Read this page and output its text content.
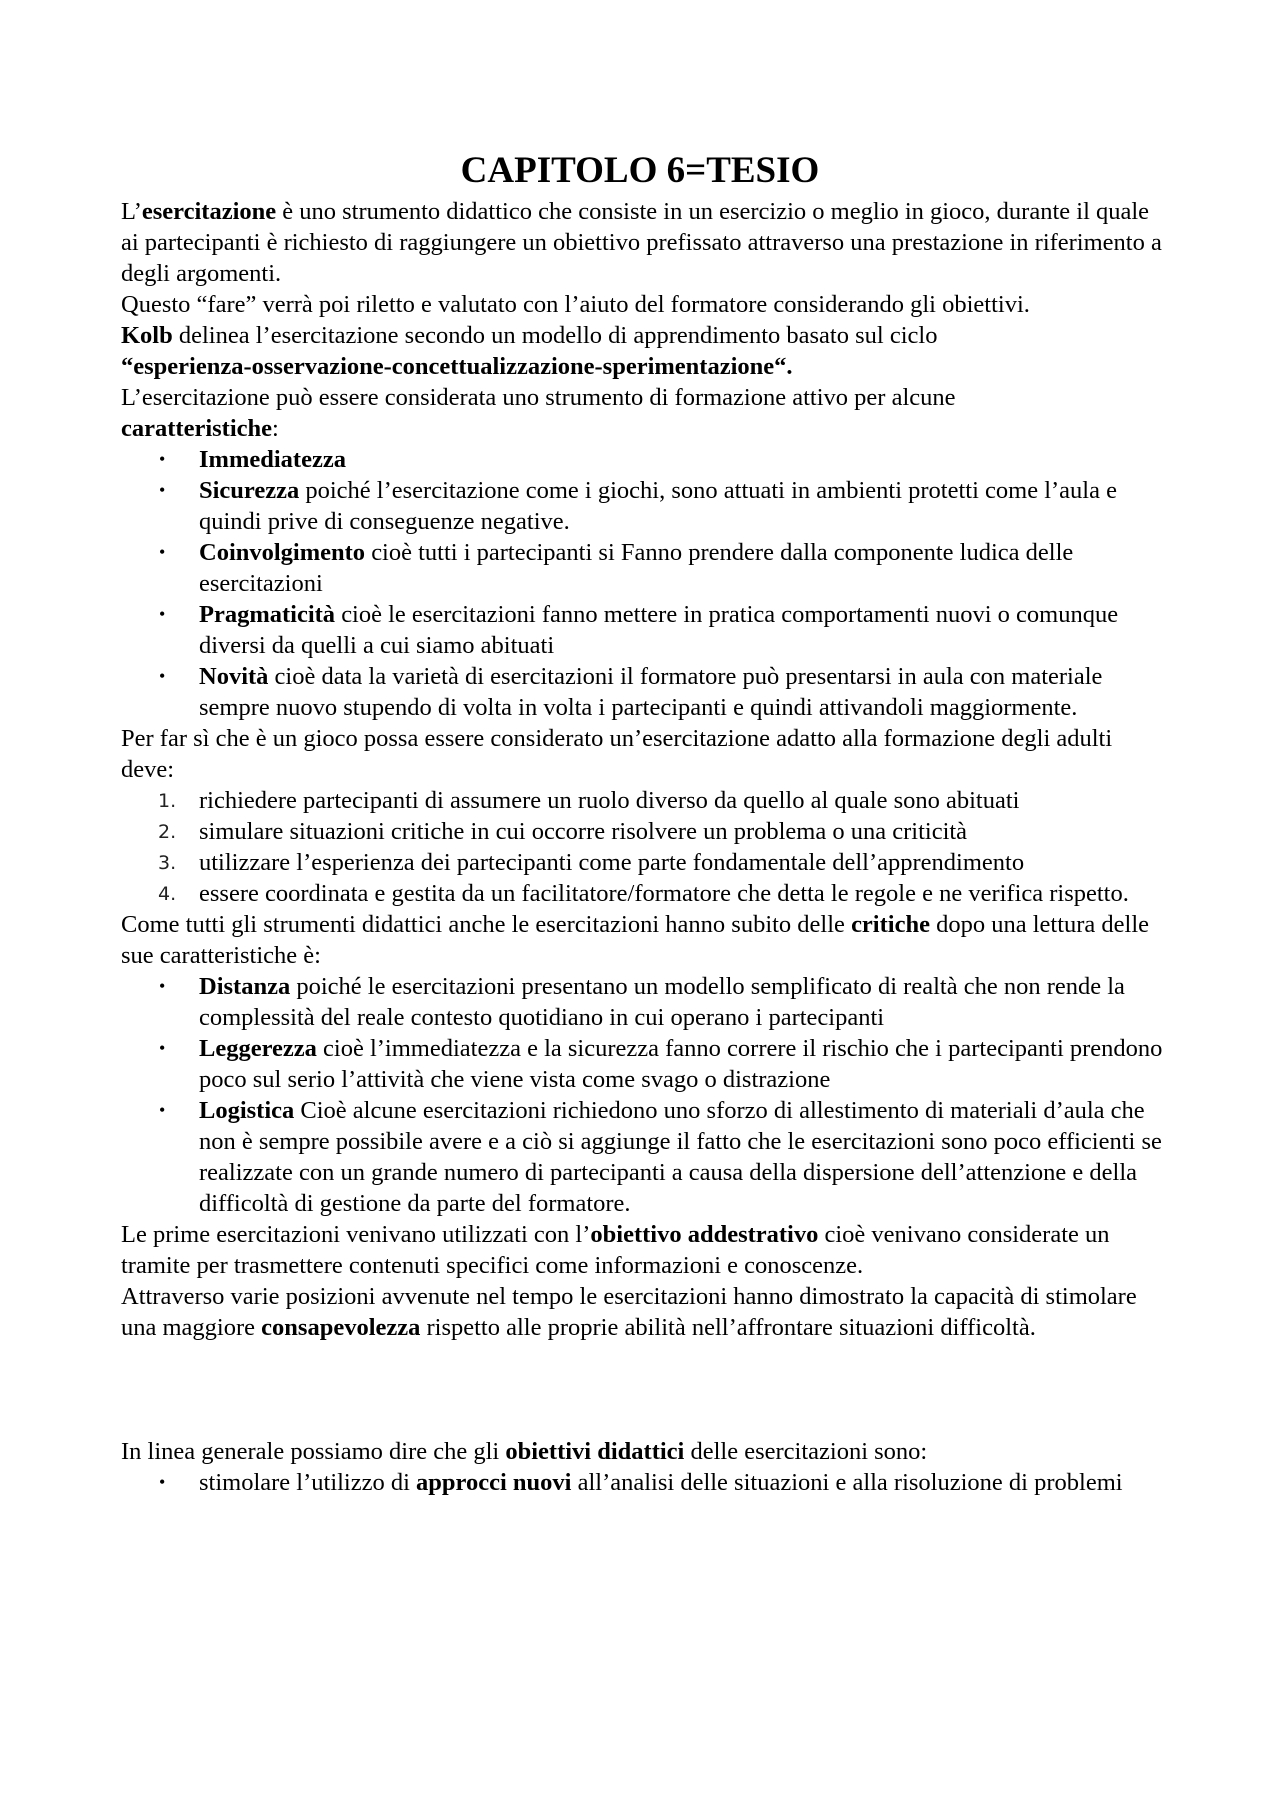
CAPITOLO 6=TESIO

L’esercitazione è uno strumento didattico che consiste in un esercizio o meglio in gioco, durante il quale ai partecipanti è richiesto di raggiungere un obiettivo prefissato attraverso una prestazione in riferimento a degli argomenti.

Questo “fare” verrà poi riletto e valutato con l’aiuto del formatore considerando gli obiettivi.

Kolb delinea l’esercitazione secondo un modello di apprendimento basato sul ciclo
“esperienza-osservazione-concettualizzazione-sperimentazione“.

L’esercitazione può essere considerata uno strumento di formazione attivo per alcune
caratteristiche:

• Immediatezza
• Sicurezza poiché l’esercitazione come i giochi, sono attuati in ambienti protetti come l’aula e quindi prive di conseguenze negative.
• Coinvolgimento cioè tutti i partecipanti si Fanno prendere dalla componente ludica delle esercitazioni
• Pragmaticità cioè le esercitazioni fanno mettere in pratica comportamenti nuovi o comunque diversi da quelli a cui siamo abituati
• Novità cioè data la varietà di esercitazioni il formatore può presentarsi in aula con materiale sempre nuovo stupendo di volta in volta i partecipanti e quindi attivandoli maggiormente.

Per far sì che è un gioco possa essere considerato un’esercitazione adatto alla formazione degli adulti deve:

1. richiedere partecipanti di assumere un ruolo diverso da quello al quale sono abituati
2. simulare situazioni critiche in cui occorre risolvere un problema o una criticità
3. utilizzare l’esperienza dei partecipanti come parte fondamentale dell’apprendimento
4. essere coordinata e gestita da un facilitatore/formatore che detta le regole e ne verifica rispetto.

Come tutti gli strumenti didattici anche le esercitazioni hanno subito delle critiche dopo una lettura delle sue caratteristiche è:

• Distanza poiché le esercitazioni presentano un modello semplificato di realtà che non rende la complessità del reale contesto quotidiano in cui operano i partecipanti
• Leggerezza cioè l’immediatezza e la sicurezza fanno correre il rischio che i partecipanti prendono poco sul serio l’attività che viene vista come svago o distrazione
• Logistica Cioè alcune esercitazioni richiedono uno sforzo di allestimento di materiali d’aula che non è sempre possibile avere e a ciò si aggiunge il fatto che le esercitazioni sono poco efficienti se realizzate con un grande numero di partecipanti a causa della dispersione dell’attenzione e della difficoltà di gestione da parte del formatore.

Le prime esercitazioni venivano utilizzati con l’obiettivo addestrativo cioè venivano considerate un tramite per trasmettere contenuti specifici come informazioni e conoscenze.

Attraverso varie posizioni avvenute nel tempo le esercitazioni hanno dimostrato la capacità di stimolare una maggiore consapevolezza rispetto alle proprie abilità nell’affrontare situazioni difficoltà.

In linea generale possiamo dire che gli obiettivi didattici delle esercitazioni sono:

• stimolare l’utilizzo di approcci nuovi all’analisi delle situazioni e alla risoluzione di problemi
